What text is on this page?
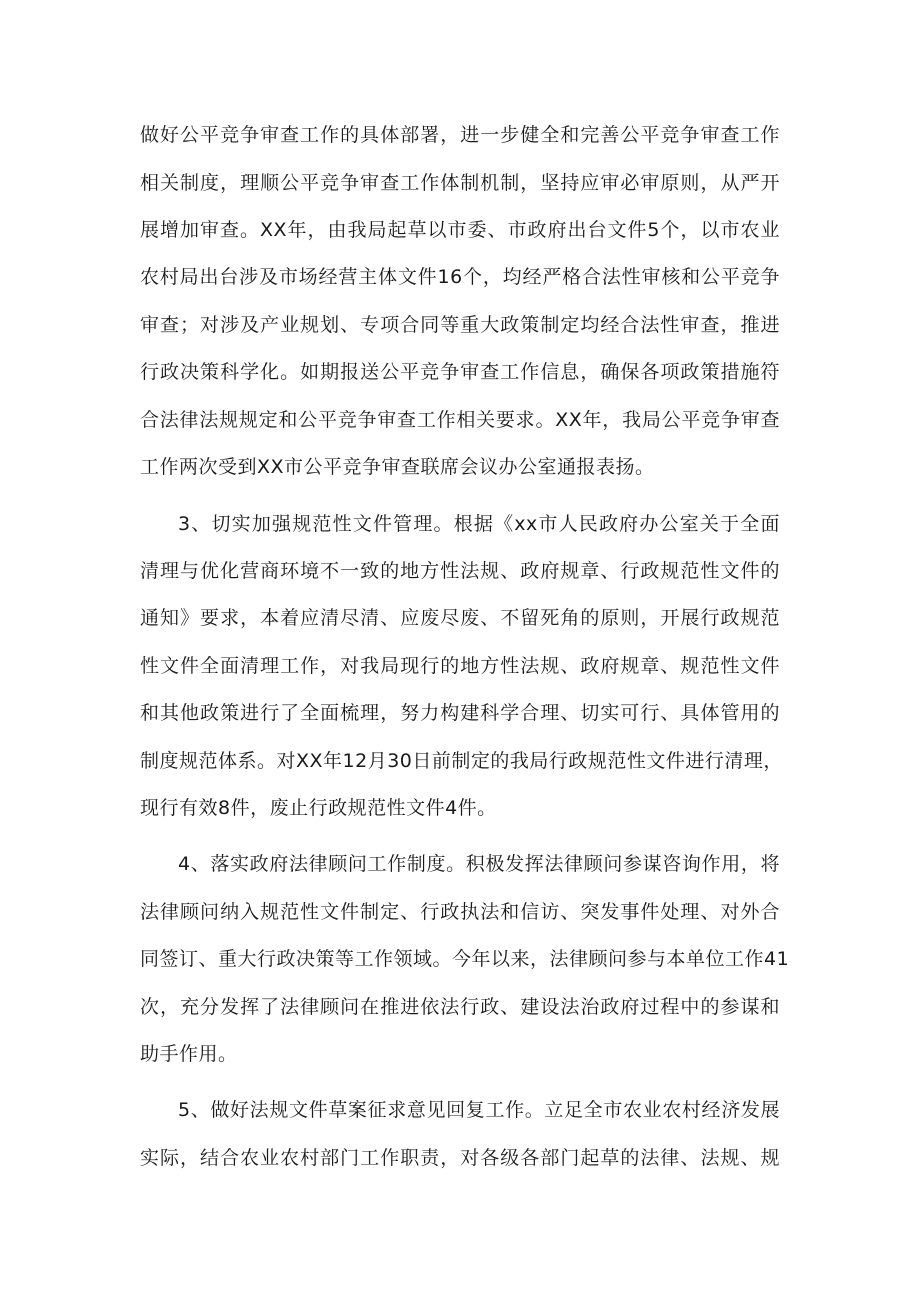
做好公平竞争审查工作的具体部署，进一步健全和完善公平竞争审查工作
相关制度，理顺公平竞争审查工作体制机制，坚持应审必审原则，从严开
展增加审查。XX年，由我局起草以市委、市政府出台文件5个，以市农业
农村局出台涉及市场经营主体文件16个，均经严格合法性审核和公平竞争
审查；对涉及产业规划、专项合同等重大政策制定均经合法性审查，推进
行政决策科学化。如期报送公平竞争审查工作信息，确保各项政策措施符
合法律法规规定和公平竞争审查工作相关要求。XX年，我局公平竞争审查
工作两次受到XX市公平竞争审查联席会议办公室通报表扬。
3、切实加强规范性文件管理。根据《xx市人民政府办公室关于全面
清理与优化营商环境不一致的地方性法规、政府规章、行政规范性文件的
通知》要求，本着应清尽清、应废尽废、不留死角的原则，开展行政规范
性文件全面清理工作，对我局现行的地方性法规、政府规章、规范性文件
和其他政策进行了全面梳理，努力构建科学合理、切实可行、具体管用的
制度规范体系。对XX年12月30日前制定的我局行政规范性文件进行清理，
现行有效8件，废止行政规范性文件4件。
4、落实政府法律顾问工作制度。积极发挥法律顾问参谋咨询作用，将
法律顾问纳入规范性文件制定、行政执法和信访、突发事件处理、对外合
同签订、重大行政决策等工作领域。今年以来，法律顾问参与本单位工作41
次，充分发挥了法律顾问在推进依法行政、建设法治政府过程中的参谋和
助手作用。
5、做好法规文件草案征求意见回复工作。立足全市农业农村经济发展
实际，结合农业农村部门工作职责，对各级各部门起草的法律、法规、规
